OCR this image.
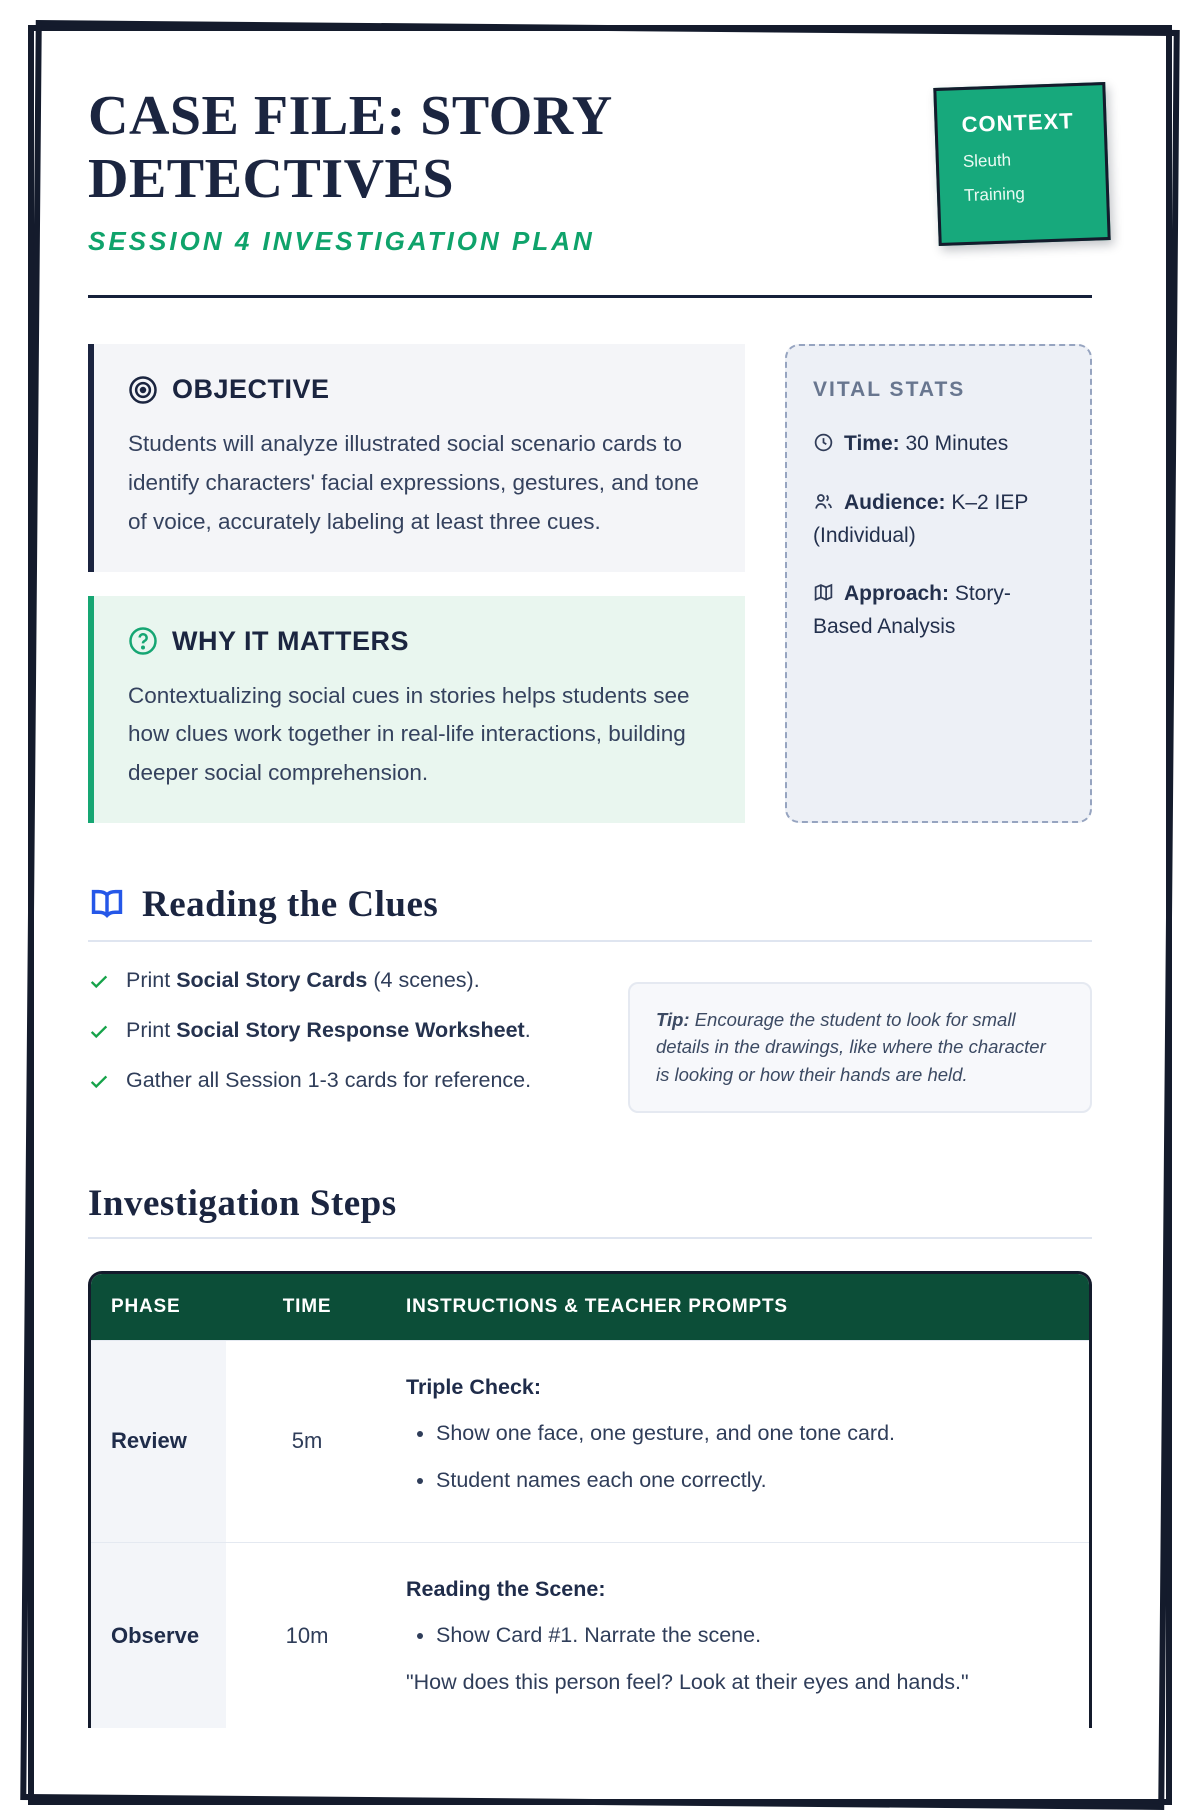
CASE FILE: STORY
DETECTIVES
SESSION 4 INVESTIGATION PLAN
CONTEXT
Sleuth
Training
OBJECTIVE
Students will analyze illustrated social scenario cards to identify characters' facial expressions, gestures, and tone of voice, accurately labeling at least three cues.
WHY IT MATTERS
Contextualizing social cues in stories helps students see how clues work together in real-life interactions, building deeper social comprehension.
VITAL STATS
Time: 30 Minutes
Audience: K–2 IEP (Individual)
Approach: Story-Based Analysis
Reading the Clues
Print Social Story Cards (4 scenes).
Print Social Story Response Worksheet.
Gather all Session 1-3 cards for reference.
Tip: Encourage the student to look for small details in the drawings, like where the character is looking or how their hands are held.
Investigation Steps
PHASE	TIME	INSTRUCTIONS & TEACHER PROMPTS
Review	5m
Triple Check:
• Show one face, one gesture, and one tone card.
• Student names each one correctly.
Observe	10m
Reading the Scene:
• Show Card #1. Narrate the scene.
"How does this person feel? Look at their eyes and hands."
